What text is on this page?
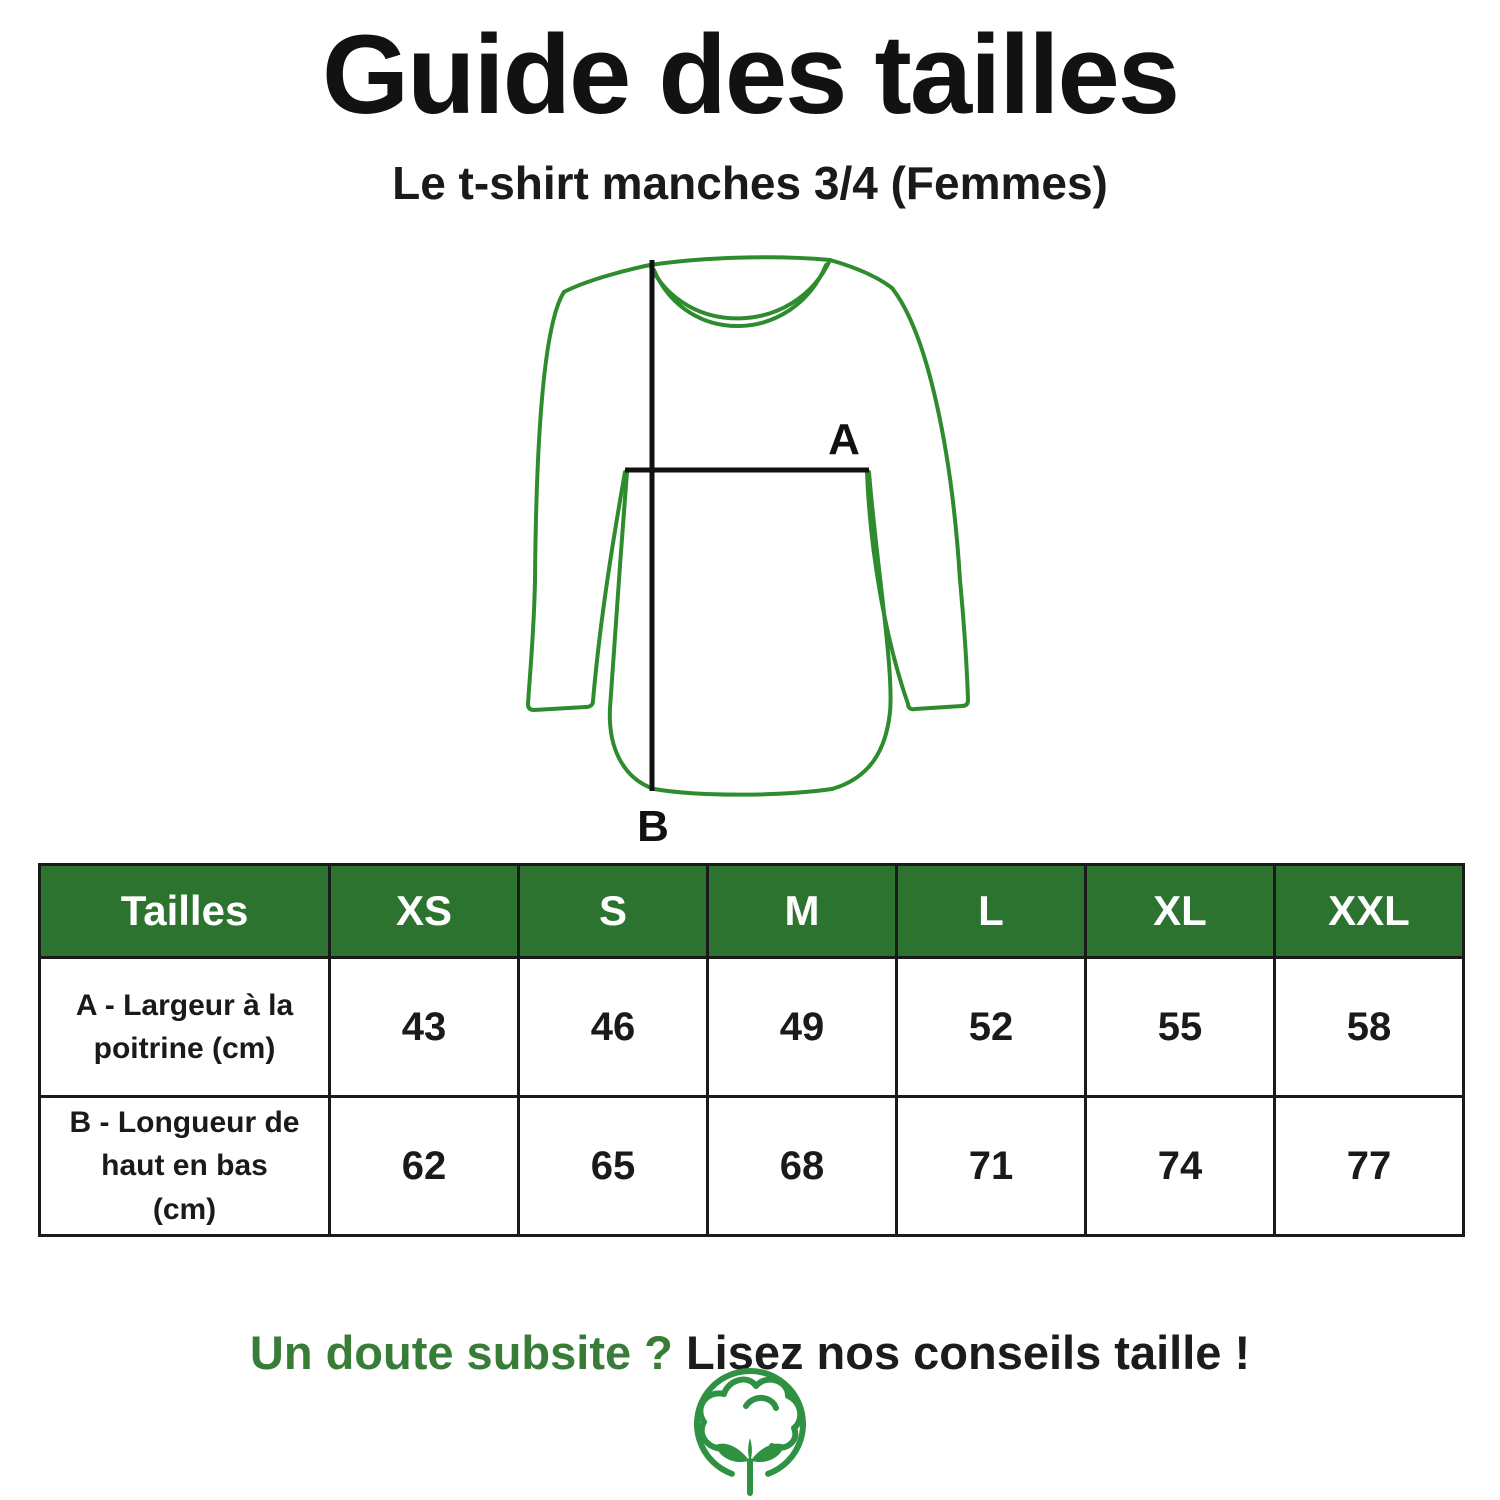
Guide des tailles

Le t-shirt manches 3/4 (Femmes)

A
B
Tailles	XS	S	M	L	XL	XXL
A - Largeur à la poitrine (cm)	43	46	49	52	55	58
B - Longueur de haut en bas (cm)	62	65	68	71	74	77

Un doute subsite ? Lisez nos conseils taille !
